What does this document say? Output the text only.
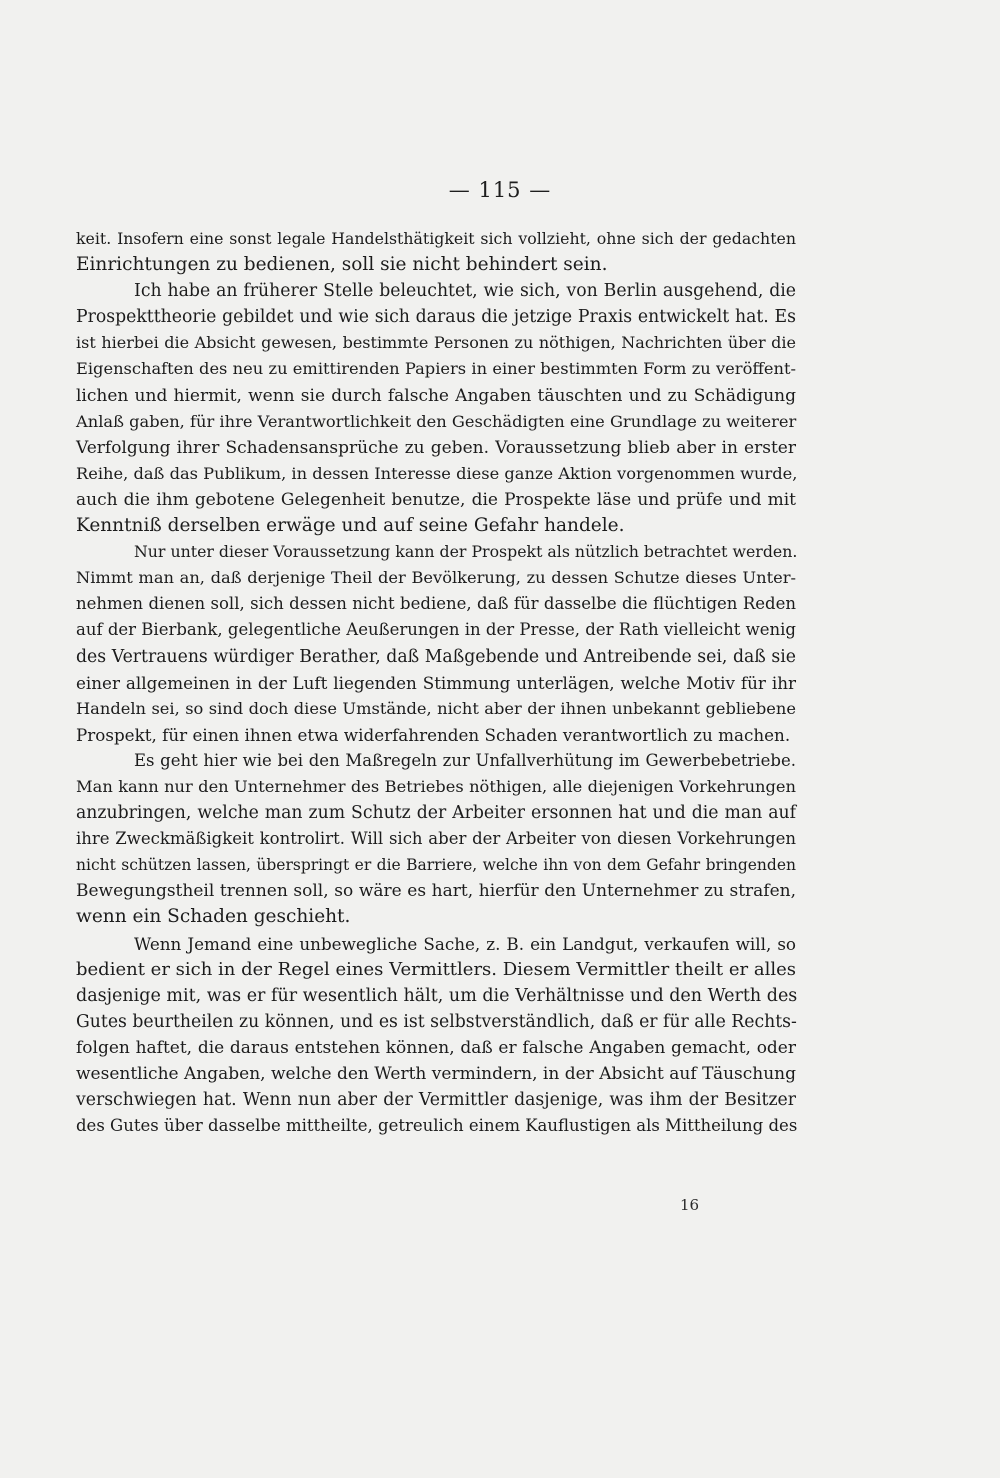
— 115 —
keit. Insofern eine sonst legale Handelsthätigkeit sich vollzieht, ohne sich der gedachten
Einrichtungen zu bedienen, soll sie nicht behindert sein.
Ich habe an früherer Stelle beleuchtet, wie sich, von Berlin ausgehend, die
Prospekttheorie gebildet und wie sich daraus die jetzige Praxis entwickelt hat. Es
ist hierbei die Absicht gewesen, bestimmte Personen zu nöthigen, Nachrichten über die
Eigenschaften des neu zu emittirenden Papiers in einer bestimmten Form zu veröffent-
lichen und hiermit, wenn sie durch falsche Angaben täuschten und zu Schädigung
Anlaß gaben, für ihre Verantwortlichkeit den Geschädigten eine Grundlage zu weiterer
Verfolgung ihrer Schadensansprüche zu geben. Voraussetzung blieb aber in erster
Reihe, daß das Publikum, in dessen Interesse diese ganze Aktion vorgenommen wurde,
auch die ihm gebotene Gelegenheit benutze, die Prospekte läse und prüfe und mit
Kenntniß derselben erwäge und auf seine Gefahr handele.
Nur unter dieser Voraussetzung kann der Prospekt als nützlich betrachtet werden.
Nimmt man an, daß derjenige Theil der Bevölkerung, zu dessen Schutze dieses Unter-
nehmen dienen soll, sich dessen nicht bediene, daß für dasselbe die flüchtigen Reden
auf der Bierbank, gelegentliche Aeußerungen in der Presse, der Rath vielleicht wenig
des Vertrauens würdiger Berather, daß Maßgebende und Antreibende sei, daß sie
einer allgemeinen in der Luft liegenden Stimmung unterlägen, welche Motiv für ihr
Handeln sei, so sind doch diese Umstände, nicht aber der ihnen unbekannt gebliebene
Prospekt, für einen ihnen etwa widerfahrenden Schaden verantwortlich zu machen.
Es geht hier wie bei den Maßregeln zur Unfallverhütung im Gewerbebetriebe.
Man kann nur den Unternehmer des Betriebes nöthigen, alle diejenigen Vorkehrungen
anzubringen, welche man zum Schutz der Arbeiter ersonnen hat und die man auf
ihre Zweckmäßigkeit kontrolirt. Will sich aber der Arbeiter von diesen Vorkehrungen
nicht schützen lassen, überspringt er die Barriere, welche ihn von dem Gefahr bringenden
Bewegungstheil trennen soll, so wäre es hart, hierfür den Unternehmer zu strafen,
wenn ein Schaden geschieht.
Wenn Jemand eine unbewegliche Sache, z. B. ein Landgut, verkaufen will, so
bedient er sich in der Regel eines Vermittlers. Diesem Vermittler theilt er alles
dasjenige mit, was er für wesentlich hält, um die Verhältnisse und den Werth des
Gutes beurtheilen zu können, und es ist selbstverständlich, daß er für alle Rechts-
folgen haftet, die daraus entstehen können, daß er falsche Angaben gemacht, oder
wesentliche Angaben, welche den Werth vermindern, in der Absicht auf Täuschung
verschwiegen hat. Wenn nun aber der Vermittler dasjenige, was ihm der Besitzer
des Gutes über dasselbe mittheilte, getreulich einem Kauflustigen als Mittheilung des
16
